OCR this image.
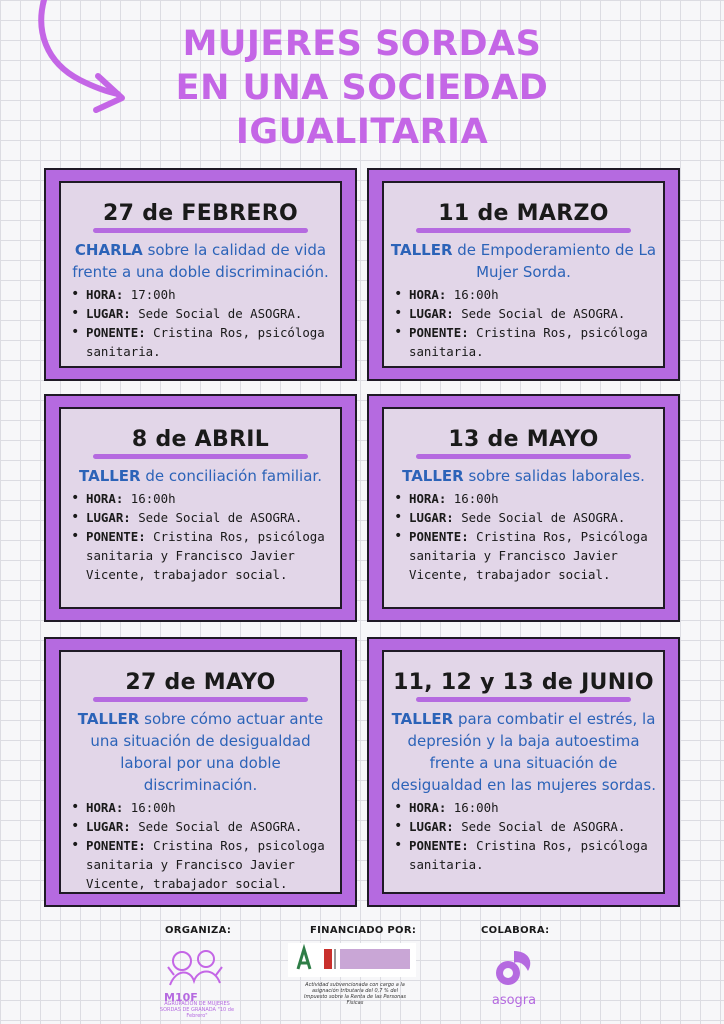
MUJERES SORDAS
EN UNA SOCIEDAD
IGUALITARIA
27 de FEBRERO
CHARLA sobre la calidad de vida frente a una doble discriminación.
• HORA: 17:00h
• LUGAR: Sede Social de ASOGRA.
• PONENTE: Cristina Ros, psicóloga sanitaria.
11 de MARZO
TALLER de Empoderamiento de La Mujer Sorda.
• HORA: 16:00h
• LUGAR: Sede Social de ASOGRA.
• PONENTE: Cristina Ros, psicóloga sanitaria.
8 de ABRIL
TALLER de conciliación familiar.
• HORA: 16:00h
• LUGAR: Sede Social de ASOGRA.
• PONENTE: Cristina Ros, psicóloga sanitaria y Francisco Javier Vicente, trabajador social.
13 de MAYO
TALLER sobre salidas laborales.
• HORA: 16:00h
• LUGAR: Sede Social de ASOGRA.
• PONENTE: Cristina Ros, Psicóloga sanitaria y Francisco Javier Vicente, trabajador social.
27 de MAYO
TALLER sobre cómo actuar ante una situación de desigualdad laboral por una doble discriminación.
• HORA: 16:00h
• LUGAR: Sede Social de ASOGRA.
• PONENTE: Cristina Ros, psicologa sanitaria y Francisco Javier Vicente, trabajador social.
11, 12 y 13 de JUNIO
TALLER para combatir el estrés, la depresión y la baja autoestima frente a una situación de desigualdad en las mujeres sordas.
• HORA: 16:00h
• LUGAR: Sede Social de ASOGRA.
• PONENTE: Cristina Ros, psicóloga sanitaria.
ORGANIZA:
M10F
AGRUPACIÓN DE MUJERES SORDAS DE GRANADA "10 de Febrero"
FINANCIADO POR:
Actividad subvencionada con cargo a la asignación tributaria del 0,7 % del Impuesto sobre la Renta de las Personas Físicas
COLABORA:
asogra
